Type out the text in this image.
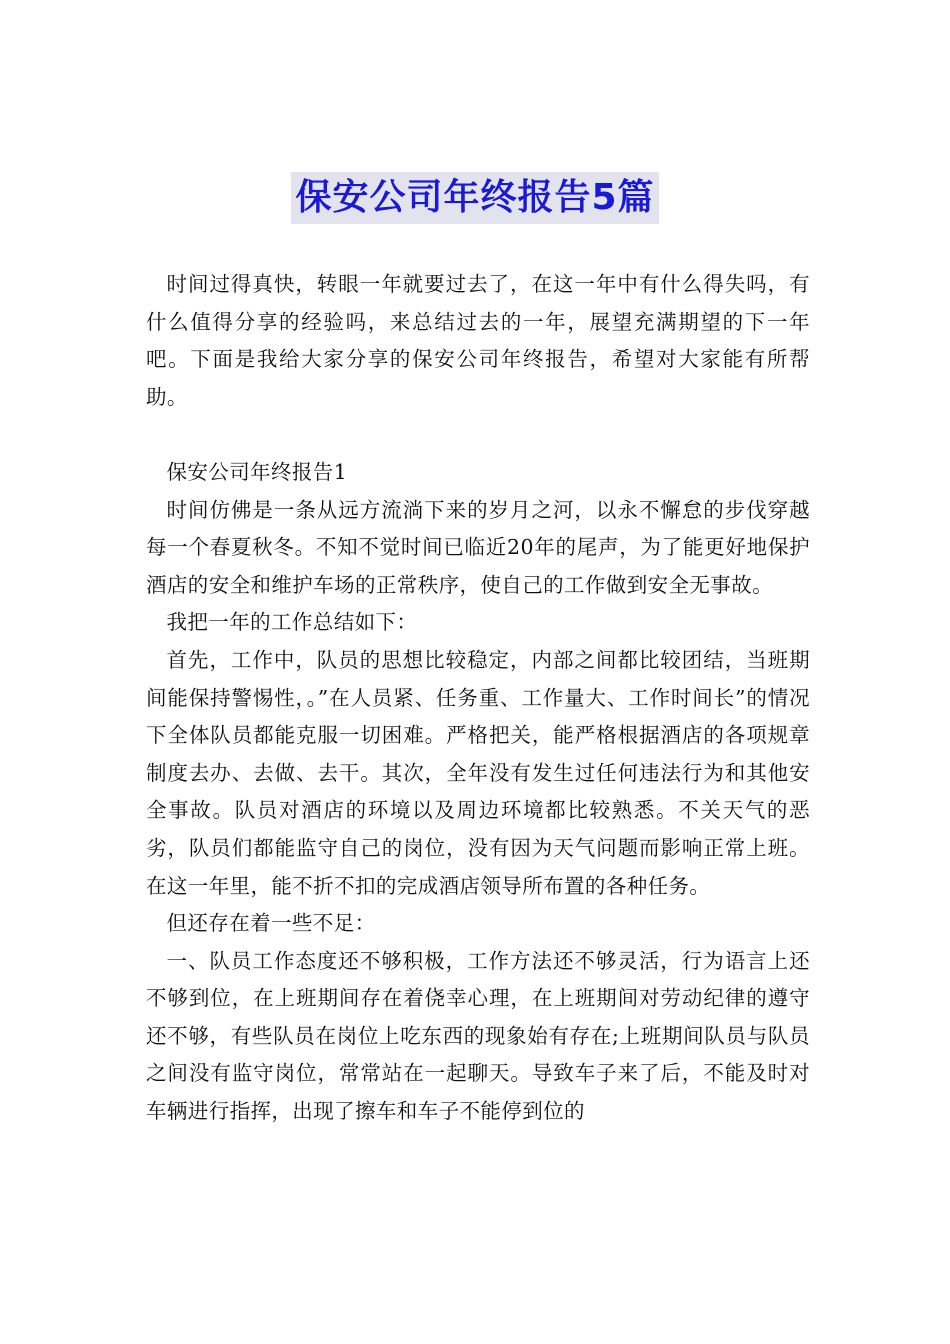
保安公司年终报告5篇

时间过得真快，转眼一年就要过去了，在这一年中有什么得失吗，有什么值得分享的经验吗，来总结过去的一年，展望充满期望的下一年吧。下面是我给大家分享的保安公司年终报告，希望对大家能有所帮助。

保安公司年终报告1

时间仿佛是一条从远方流淌下来的岁月之河，以永不懈怠的步伐穿越每一个春夏秋冬。不知不觉时间已临近20年的尾声，为了能更好地保护酒店的安全和维护车场的正常秩序，使自己的工作做到安全无事故。

我把一年的工作总结如下：

首先，工作中，队员的思想比较稳定，内部之间都比较团结，当班期间能保持警惕性，。”在人员紧、任务重、工作量大、工作时间长”的情况下全体队员都能克服一切困难。严格把关，能严格根据酒店的各项规章制度去办、去做、去干。其次，全年没有发生过任何违法行为和其他安全事故。队员对酒店的环境以及周边环境都比较熟悉。不关天气的恶劣，队员们都能监守自己的岗位，没有因为天气问题而影响正常上班。在这一年里，能不折不扣的完成酒店领导所布置的各种任务。

但还存在着一些不足：

一、队员工作态度还不够积极，工作方法还不够灵活，行为语言上还不够到位，在上班期间存在着侥幸心理，在上班期间对劳动纪律的遵守还不够，有些队员在岗位上吃东西的现象始有存在;上班期间队员与队员之间没有监守岗位，常常站在一起聊天。导致车子来了后，不能及时对车辆进行指挥，出现了擦车和车子不能停到位的
